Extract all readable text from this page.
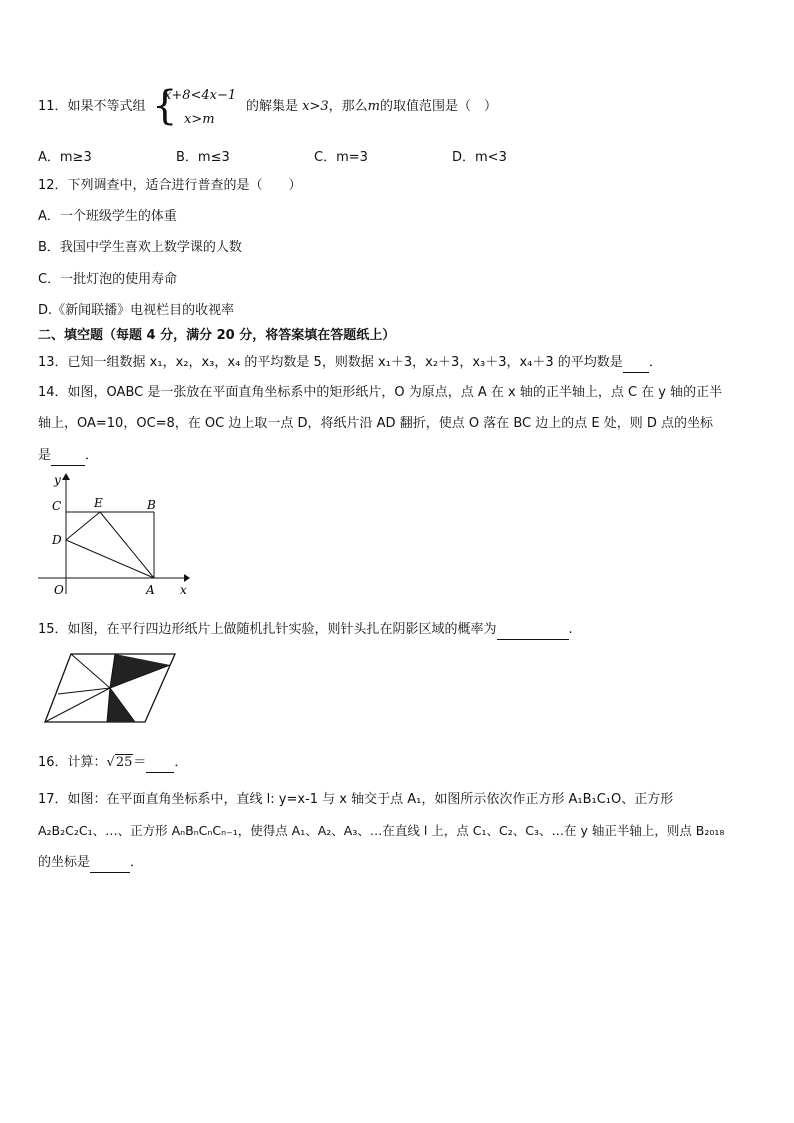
11．如果不等式组 {
x+8<4x−1
x>m
的解集是 x>3，那么m的取值范围是（　）
A．m≥3	B．m≤3	C．m=3	D．m<3
12．下列调查中，适合进行普查的是（　　）
A．一个班级学生的体重
B．我国中学生喜欢上数学课的人数
C．一批灯泡的使用寿命
D.《新闻联播》电视栏目的收视率
二、填空题（每题 4 分，满分 20 分，将答案填在答题纸上）
13．已知一组数据 x₁，x₂，x₃，x₄ 的平均数是 5，则数据 x₁＋3，x₂＋3，x₃＋3，x₄＋3 的平均数是 ．
14．如图，OABC 是一张放在平面直角坐标系中的矩形纸片，O 为原点，点 A 在 x 轴的正半轴上，点 C 在 y 轴的正半
轴上，OA=10，OC=8，在 OC 边上取一点 D，将纸片沿 AD 翻折，使点 O 落在 BC 边上的点 E 处，则 D 点的坐标
是	．
y
x
C	E	B
D
O	A
15．如图，在平行四边形纸片上做随机扎针实验，则针头扎在阴影区域的概率为	.
16．计算：√25＝ ．
17．如图：在平面直角坐标系中，直线 l: y=x-1 与 x 轴交于点 A₁，如图所示依次作正方形 A₁B₁C₁O、正方形
A₂B₂C₂C₁、…、正方形 AₙBₙCₙCₙ₋₁，使得点 A₁、A₂、A₃、…在直线 l 上，点 C₁、C₂、C₃、…在 y 轴正半轴上，则点 B₂₀₁₈
的坐标是	．
